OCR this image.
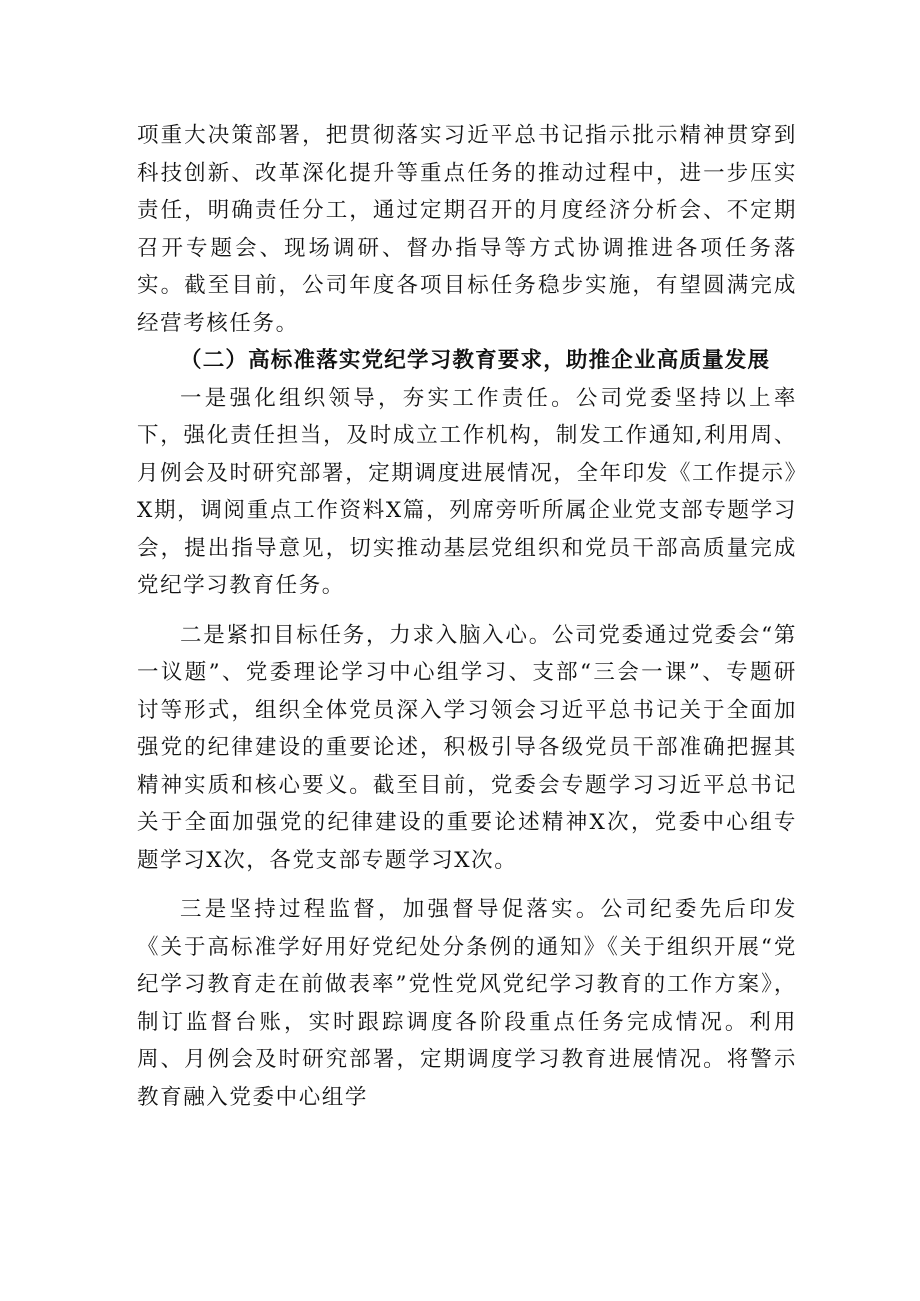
项重大决策部署，把贯彻落实习近平总书记指示批示精神贯穿到科技创新、改革深化提升等重点任务的推动过程中，进一步压实责任，明确责任分工，通过定期召开的月度经济分析会、不定期召开专题会、现场调研、督办指导等方式协调推进各项任务落实。截至目前，公司年度各项目标任务稳步实施，有望圆满完成经营考核任务。

（二）高标准落实党纪学习教育要求，助推企业高质量发展

一是强化组织领导，夯实工作责任。公司党委坚持以上率下，强化责任担当，及时成立工作机构，制发工作通知,利用周、月例会及时研究部署，定期调度进展情况，全年印发《工作提示》X期，调阅重点工作资料X篇，列席旁听所属企业党支部专题学习会，提出指导意见，切实推动基层党组织和党员干部高质量完成党纪学习教育任务。

二是紧扣目标任务，力求入脑入心。公司党委通过党委会“第一议题”、党委理论学习中心组学习、支部“三会一课”、专题研讨等形式，组织全体党员深入学习领会习近平总书记关于全面加强党的纪律建设的重要论述，积极引导各级党员干部准确把握其精神实质和核心要义。截至目前，党委会专题学习习近平总书记关于全面加强党的纪律建设的重要论述精神X次，党委中心组专题学习X次，各党支部专题学习X次。

三是坚持过程监督，加强督导促落实。公司纪委先后印发《关于高标准学好用好党纪处分条例的通知》《关于组织开展“党纪学习教育走在前做表率”党性党风党纪学习教育的工作方案》，制订监督台账，实时跟踪调度各阶段重点任务完成情况。利用周、月例会及时研究部署，定期调度学习教育进展情况。将警示教育融入党委中心组学
